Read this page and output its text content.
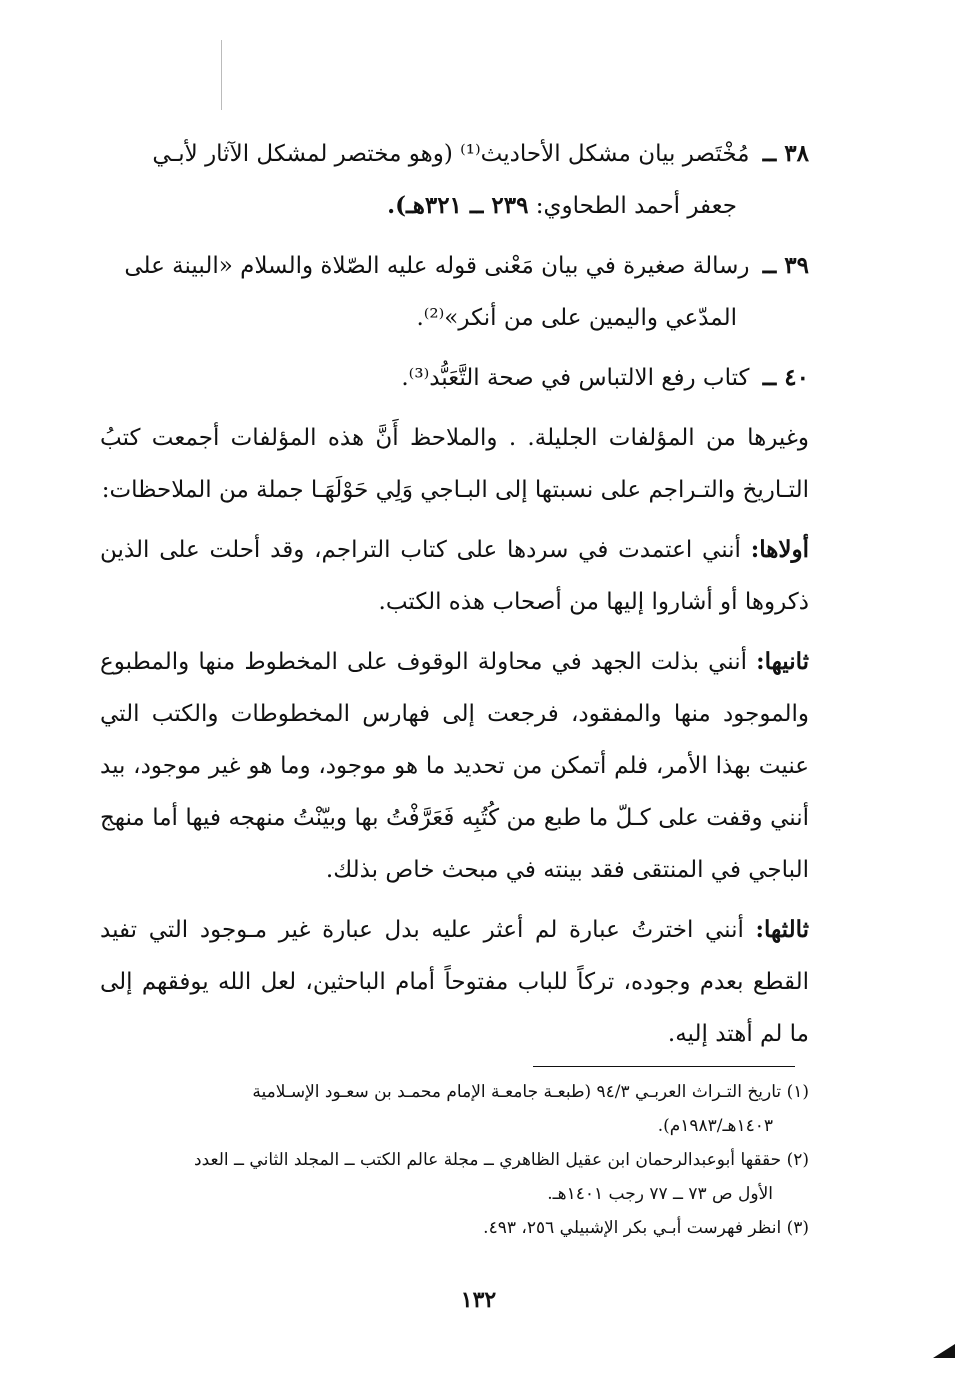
٣٨ ــ مُخْتَصر بيان مشكل الأحاديث⁽¹⁾ (وهو مختصر لمشكل الآثار لأبـي
جعفر أحمد الطحاوي: ٢٣٩ ــ ٣٢١هـ).

٣٩ ــ رسالة صغيرة في بيان مَعْنى قوله عليه الصّلاة والسلام «البينة على
المدّعي واليمين على من أنكر»⁽²⁾.

٤٠ ــ كتاب رفع الالتباس في صحة التَّعَبُّد⁽³⁾.

وغيرها من المؤلفات الجليلة. . والملاحظ أَنَّ هذه المؤلفات أجمعت كتبُ التـاريخ والتـراجم على نسبتها إلى البـاجي وَلِي حَوْلَهَـا جملة من الملاحظات:

أولاها: أنني اعتمدت في سردها على كتاب التراجم، وقد أحلت على الذين ذكروها أو أشاروا إليها من أصحاب هذه الكتب.

ثانيها: أنني بذلت الجهد في محاولة الوقوف على المخطوط منها والمطبوع والموجود منها والمفقود، فرجعت إلى فهارس المخطوطات والكتب التي عنيت بهذا الأمر، فلم أتمكن من تحديد ما هو موجود، وما هو غير موجود، بيد أنني وقفت على كـلّ ما طبع من كُتُبِه فَعَرَّفْتُ بها وبيّنْتُ منهجه فيها أما منهج الباجي في المنتقى فقد بينته في مبحث خاص بذلك.

ثالثها: أنني اخترتُ عبارة لم أعثر عليه بدل عبارة غير مـوجود التي تفيد القطع بعدم وجوده، تركاً للباب مفتوحاً أمام الباحثين، لعل الله يوفقهم إلى ما لم أهتد إليه.

(١) تاريخ التـراث العربـي ٩٤/٣ (طبعـة جامعـة الإمام محمـد بن سعـود الإسـلامية
١٤٠٣هـ/١٩٨٣م).

(٢) حققها أبوعبدالرحمان ابن عقيل الظاهري ــ مجلة عالم الكتب ــ المجلد الثاني ــ العدد
الأول ص ٧٣ ــ ٧٧ رجب ١٤٠١هـ.

(٣) انظر فهرست أبـي بكر الإشبيلي ٢٥٦، ٤٩٣.

١٣٢
